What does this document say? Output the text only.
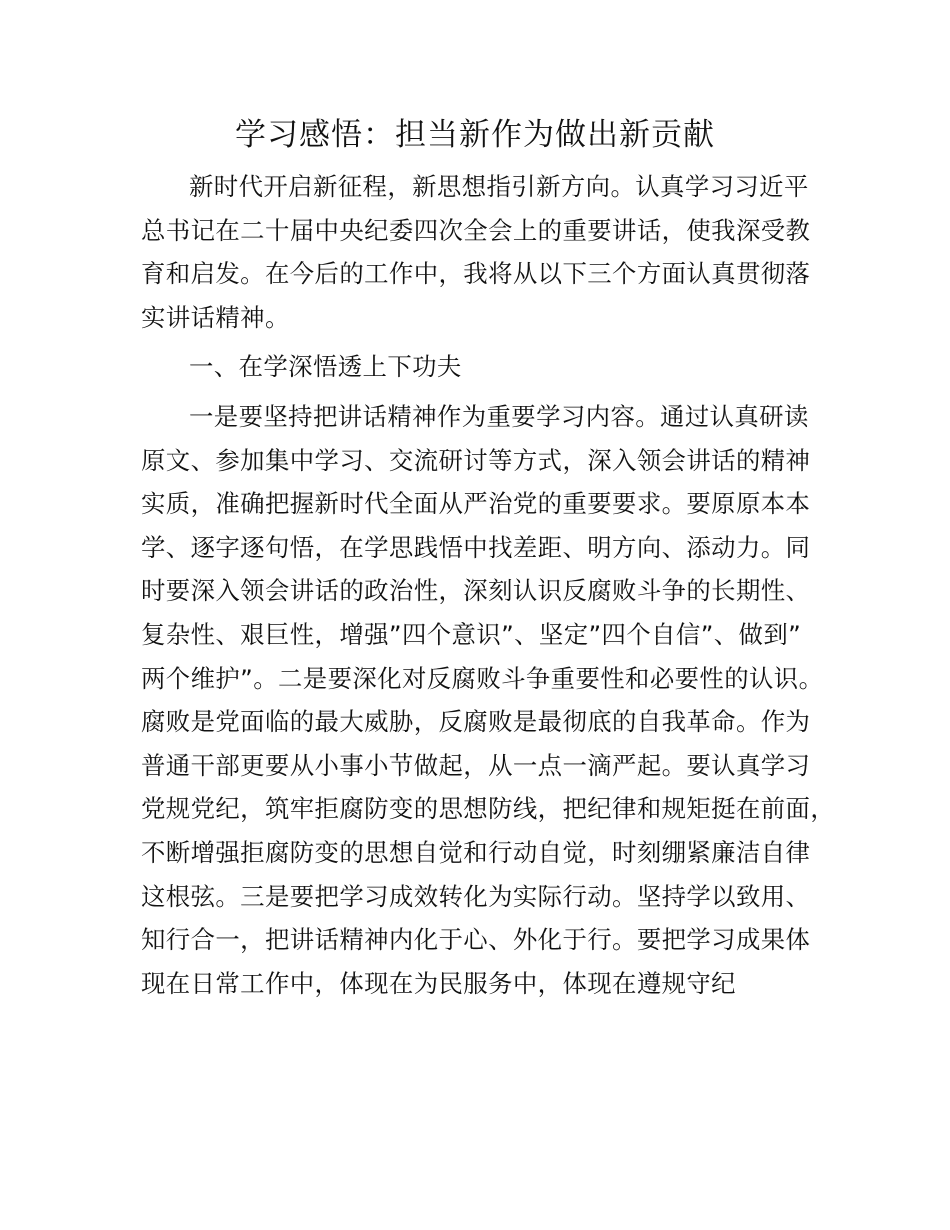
学习感悟：担当新作为做出新贡献
新时代开启新征程，新思想指引新方向。认真学习习近平
总书记在二十届中央纪委四次全会上的重要讲话，使我深受教
育和启发。在今后的工作中，我将从以下三个方面认真贯彻落
实讲话精神。
一、在学深悟透上下功夫
一是要坚持把讲话精神作为重要学习内容。通过认真研读
原文、参加集中学习、交流研讨等方式，深入领会讲话的精神
实质，准确把握新时代全面从严治党的重要要求。要原原本本
学、逐字逐句悟，在学思践悟中找差距、明方向、添动力。同
时要深入领会讲话的政治性，深刻认识反腐败斗争的长期性、
复杂性、艰巨性，增强”四个意识”、坚定”四个自信”、做到”
两个维护”。二是要深化对反腐败斗争重要性和必要性的认识。
腐败是党面临的最大威胁，反腐败是最彻底的自我革命。作为
普通干部更要从小事小节做起，从一点一滴严起。要认真学习
党规党纪，筑牢拒腐防变的思想防线，把纪律和规矩挺在前面，
不断增强拒腐防变的思想自觉和行动自觉，时刻绷紧廉洁自律
这根弦。三是要把学习成效转化为实际行动。坚持学以致用、
知行合一，把讲话精神内化于心、外化于行。要把学习成果体
现在日常工作中，体现在为民服务中，体现在遵规守纪
